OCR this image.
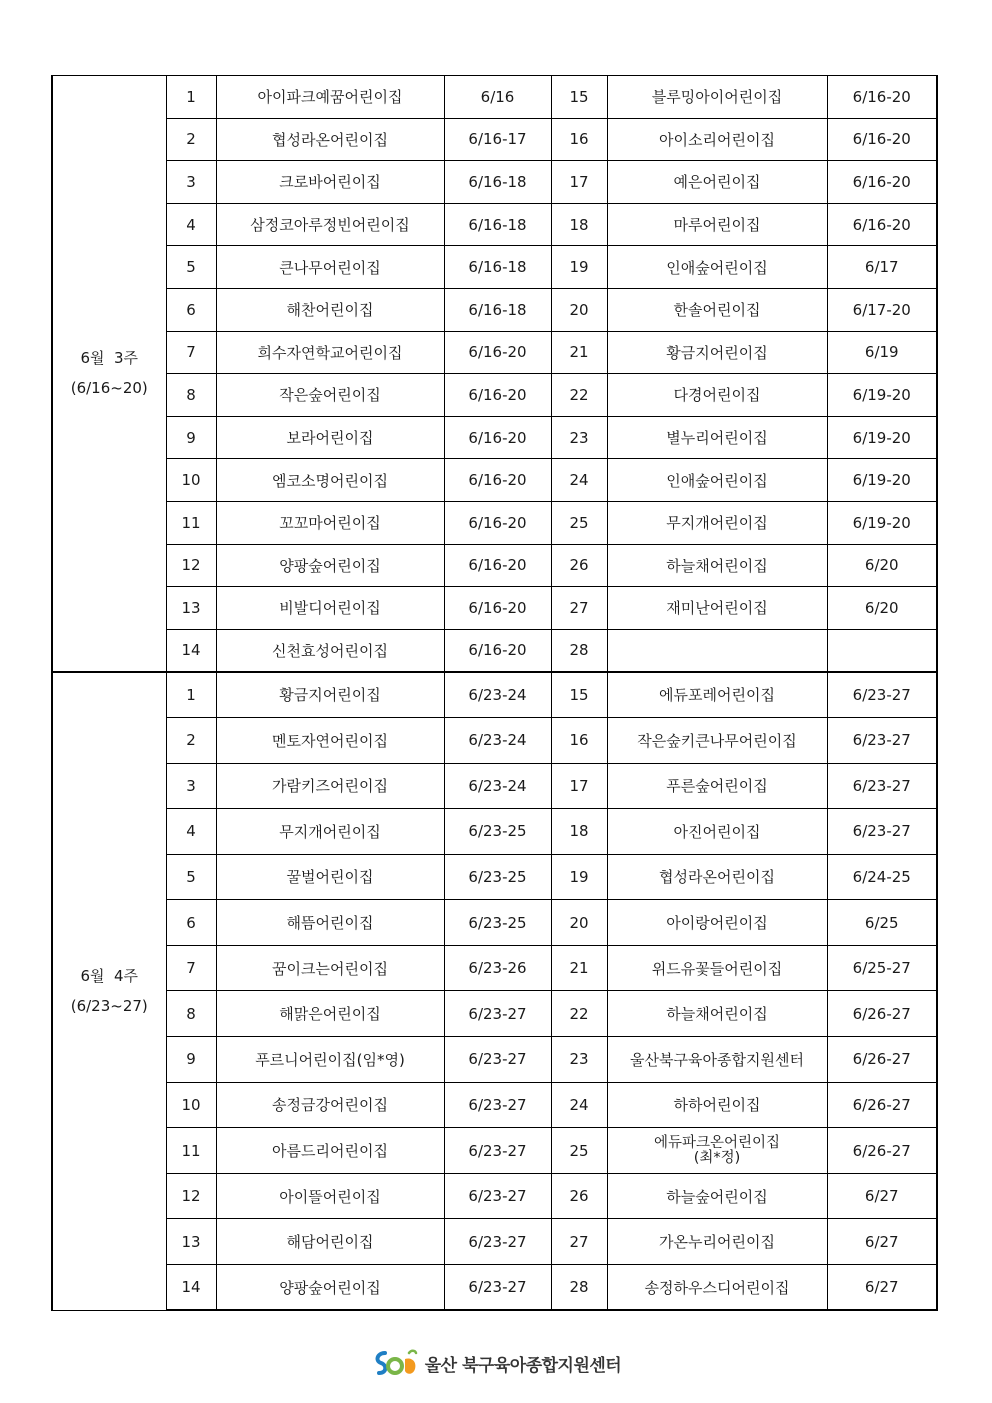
6월  3주
(6/16~20)	1	아이파크예꿈어린이집	6/16	15	블루밍아이어린이집	6/16-20
	2	협성라온어린이집	6/16-17	16	아이소리어린이집	6/16-20
	3	크로바어린이집	6/16-18	17	예은어린이집	6/16-20
	4	삼정코아루정빈어린이집	6/16-18	18	마루어린이집	6/16-20
	5	큰나무어린이집	6/16-18	19	인애숲어린이집	6/17
	6	해찬어린이집	6/16-18	20	한솔어린이집	6/17-20
	7	희수자연학교어린이집	6/16-20	21	황금지어린이집	6/19
	8	작은숲어린이집	6/16-20	22	다경어린이집	6/19-20
	9	보라어린이집	6/16-20	23	별누리어린이집	6/19-20
	10	엠코소명어린이집	6/16-20	24	인애숲어린이집	6/19-20
	11	꼬꼬마어린이집	6/16-20	25	무지개어린이집	6/19-20
	12	양팡숲어린이집	6/16-20	26	하늘채어린이집	6/20
	13	비발디어린이집	6/16-20	27	재미난어린이집	6/20
	14	신천효성어린이집	6/16-20	28		

6월  4주
(6/23~27)	1	황금지어린이집	6/23-24	15	에듀포레어린이집	6/23-27
	2	멘토자연어린이집	6/23-24	16	작은숲키큰나무어린이집	6/23-27
	3	가람키즈어린이집	6/23-24	17	푸른숲어린이집	6/23-27
	4	무지개어린이집	6/23-25	18	아진어린이집	6/23-27
	5	꿀벌어린이집	6/23-25	19	협성라온어린이집	6/24-25
	6	해뜸어린이집	6/23-25	20	아이랑어린이집	6/25
	7	꿈이크는어린이집	6/23-26	21	위드유꽃들어린이집	6/25-27
	8	해맑은어린이집	6/23-27	22	하늘채어린이집	6/26-27
	9	푸르니어린이집(임*영)	6/23-27	23	울산북구육아종합지원센터	6/26-27
	10	송정금강어린이집	6/23-27	24	하하어린이집	6/26-27
	11	아름드리어린이집	6/23-27	25	에듀파크온어린이집
(최*정)	6/26-27
	12	아이뜰어린이집	6/23-27	26	하늘숲어린이집	6/27
	13	해담어린이집	6/23-27	27	가온누리어린이집	6/27
	14	양팡숲어린이집	6/23-27	28	송정하우스디어린이집	6/27
울산 북구육아종합지원센터
